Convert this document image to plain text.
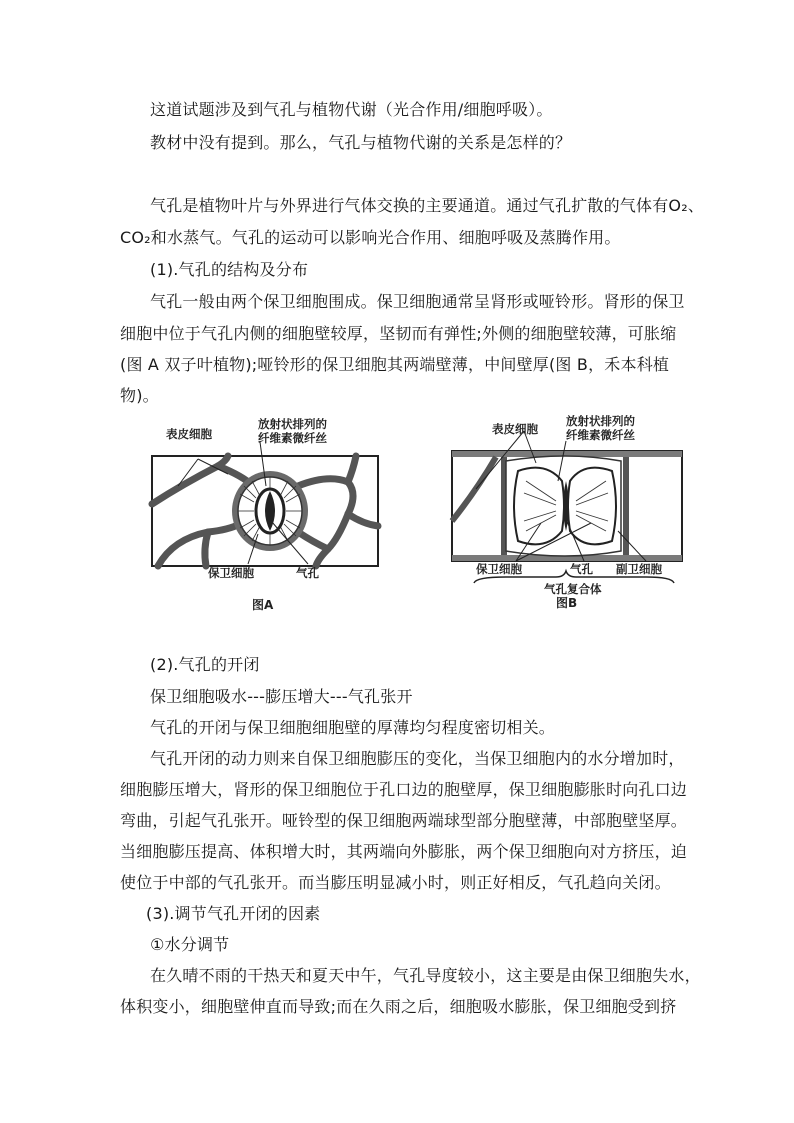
这道试题涉及到气孔与植物代谢（光合作用/细胞呼吸）。
教材中没有提到。那么，气孔与植物代谢的关系是怎样的？
气孔是植物叶片与外界进行气体交换的主要通道。通过气孔扩散的气体有O₂、
CO₂和水蒸气。气孔的运动可以影响光合作用、细胞呼吸及蒸腾作用。
(1).气孔的结构及分布
气孔一般由两个保卫细胞围成。保卫细胞通常呈肾形或哑铃形。肾形的保卫
细胞中位于气孔内侧的细胞壁较厚，坚韧而有弹性;外侧的细胞壁较薄，可胀缩
(图 A 双子叶植物);哑铃形的保卫细胞其两端壁薄，中间壁厚(图 B，禾本科植
物)。
表皮细胞
放射状排列的
纤维素微纤丝
保卫细胞	气孔
图A
表皮细胞
放射状排列的
纤维素微纤丝
保卫细胞	气孔 副卫细胞
气孔复合体
图B
(2).气孔的开闭
保卫细胞吸水---膨压增大---气孔张开
气孔的开闭与保卫细胞细胞壁的厚薄均匀程度密切相关。
气孔开闭的动力则来自保卫细胞膨压的变化，当保卫细胞内的水分增加时，
细胞膨压增大，肾形的保卫细胞位于孔口边的胞壁厚，保卫细胞膨胀时向孔口边
弯曲，引起气孔张开。哑铃型的保卫细胞两端球型部分胞壁薄，中部胞壁坚厚。
当细胞膨压提高、体积增大时，其两端向外膨胀，两个保卫细胞向对方挤压，迫
使位于中部的气孔张开。而当膨压明显减小时，则正好相反，气孔趋向关闭。
(3).调节气孔开闭的因素
①水分调节
在久晴不雨的干热天和夏天中午，气孔导度较小，这主要是由保卫细胞失水，
体积变小，细胞壁伸直而导致;而在久雨之后，细胞吸水膨胀，保卫细胞受到挤
